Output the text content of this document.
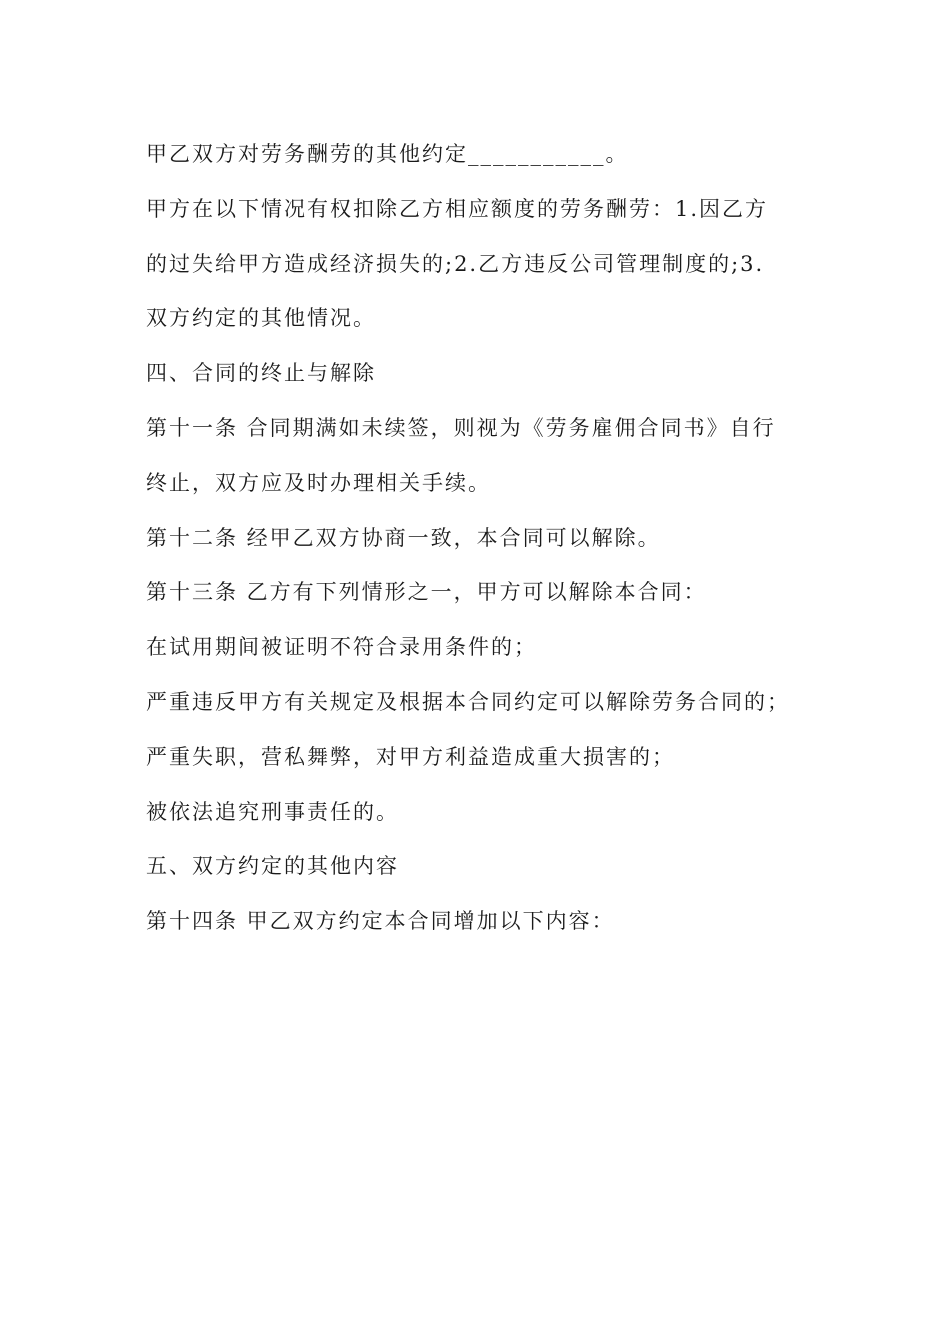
甲乙双方对劳务酬劳的其他约定___________。

甲方在以下情况有权扣除乙方相应额度的劳务酬劳：1.因乙方

的过失给甲方造成经济损失的;2.乙方违反公司管理制度的;3.

双方约定的其他情况。

四、合同的终止与解除

第十一条 合同期满如未续签，则视为《劳务雇佣合同书》自行

终止，双方应及时办理相关手续。

第十二条 经甲乙双方协商一致，本合同可以解除。

第十三条 乙方有下列情形之一，甲方可以解除本合同：

在试用期间被证明不符合录用条件的；

严重违反甲方有关规定及根据本合同约定可以解除劳务合同的；

严重失职，营私舞弊，对甲方利益造成重大损害的；

被依法追究刑事责任的。

五、双方约定的其他内容

第十四条 甲乙双方约定本合同增加以下内容：
